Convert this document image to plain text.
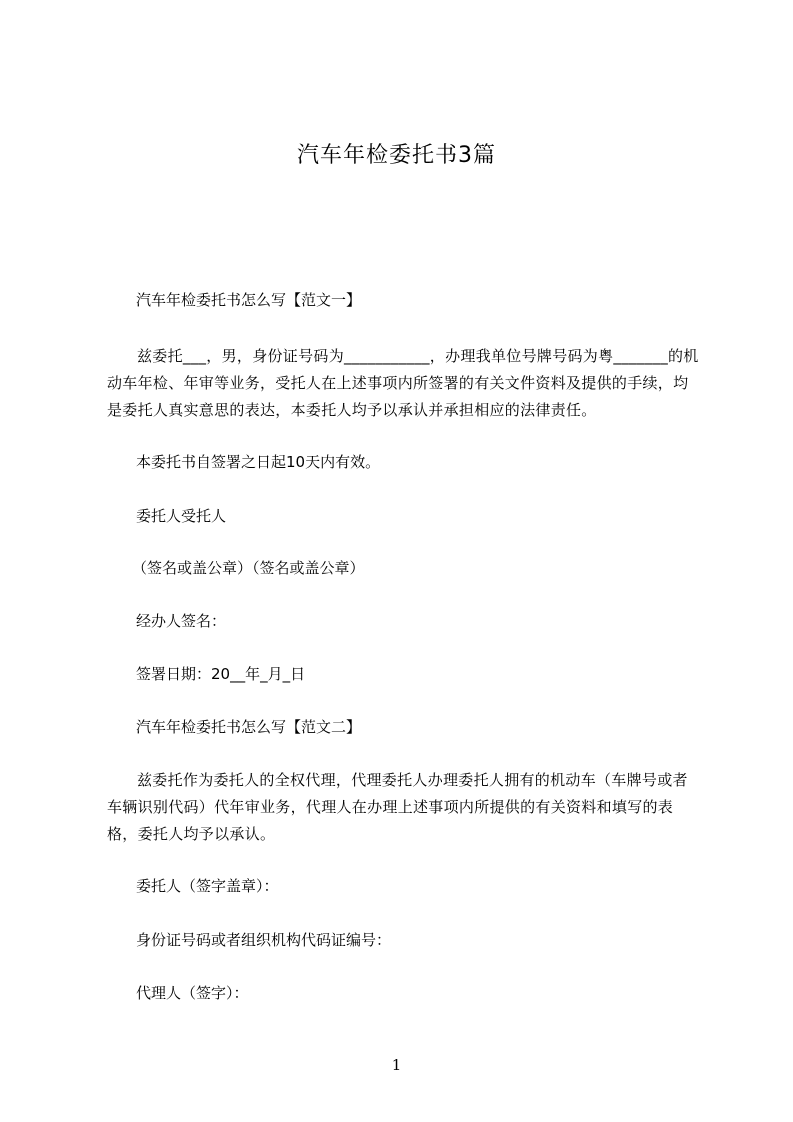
汽车年检委托书3篇
汽车年检委托书怎么写【范文一】
兹委托___，男，身份证号码为___________，办理我单位号牌号码为粤_______的机动车年检、年审等业务，受托人在上述事项内所签署的有关文件资料及提供的手续，均是委托人真实意思的表达，本委托人均予以承认并承担相应的法律责任。
本委托书自签署之日起10天内有效。
委托人受托人
（签名或盖公章）（签名或盖公章）
经办人签名：
签署日期：20__年_月_日
汽车年检委托书怎么写【范文二】
兹委托作为委托人的全权代理，代理委托人办理委托人拥有的机动车（车牌号或者车辆识别代码）代年审业务，代理人在办理上述事项内所提供的有关资料和填写的表格，委托人均予以承认。
委托人（签字盖章）：
身份证号码或者组织机构代码证编号：
代理人（签字）：
1
